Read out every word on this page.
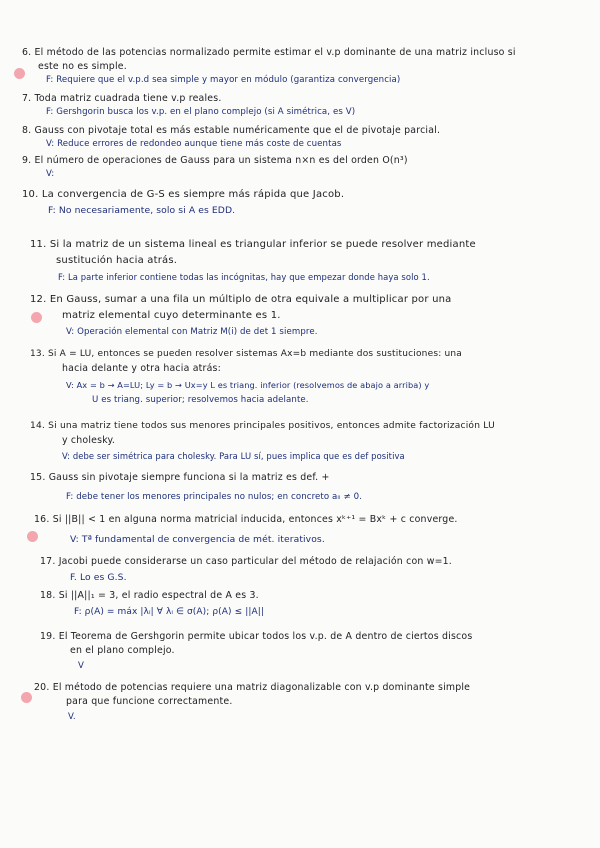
6. El método de las potencias normalizado permite estimar el v.p dominante de una matriz incluso si
este no es simple.
F: Requiere que el v.p.d sea simple y mayor en módulo (garantiza convergencia)
7. Toda matriz cuadrada tiene v.p reales.
F: Gershgorin busca los v.p. en el plano complejo (si A simétrica, es V)
8. Gauss con pivotaje total es más estable numéricamente que el de pivotaje parcial.
V: Reduce errores de redondeo aunque tiene más coste de cuentas
9. El número de operaciones de Gauss para un sistema n×n es del orden O(n³)
V:
10. La convergencia de G-S es siempre más rápida que Jacob.
F: No necesariamente, solo si A es EDD.
11. Si la matriz de un sistema lineal es triangular inferior se puede resolver mediante
sustitución hacia atrás.
F: La parte inferior contiene todas las incógnitas, hay que empezar donde haya solo 1.
12. En Gauss, sumar a una fila un múltiplo de otra equivale a multiplicar por una
matriz elemental cuyo determinante es 1.
V: Operación elemental con Matriz M(i) de det 1 siempre.
13. Si A = LU, entonces se pueden resolver sistemas Ax=b mediante dos sustituciones: una
hacia delante y otra hacia atrás:
V: Ax = b → A=LU; Ly = b → Ux=y L es triang. inferior (resolvemos de abajo a arriba) y
U es triang. superior; resolvemos hacia adelante.
14. Si una matriz tiene todos sus menores principales positivos, entonces admite factorización LU
y cholesky.
V: debe ser simétrica para cholesky. Para LU sí, pues implica que es def positiva
15. Gauss sin pivotaje siempre funciona si la matriz es def. +
F: debe tener los menores principales no nulos; en concreto aᵢᵢ ≠ 0.
16. Si ||B|| < 1 en alguna norma matricial inducida, entonces xᵏ⁺¹ = Bxᵏ + c converge.
V: Tª fundamental de convergencia de mét. iterativos.
17. Jacobi puede considerarse un caso particular del método de relajación con w=1.
F. Lo es G.S.
18. Si ||A||₁ = 3, el radio espectral de A es 3.
F: ρ(A) = máx |λᵢ| ∀ λᵢ ∈ σ(A); ρ(A) ≤ ||A||
19. El Teorema de Gershgorin permite ubicar todos los v.p. de A dentro de ciertos discos
en el plano complejo.
V
20. El método de potencias requiere una matriz diagonalizable con v.p dominante simple
para que funcione correctamente.
V.
